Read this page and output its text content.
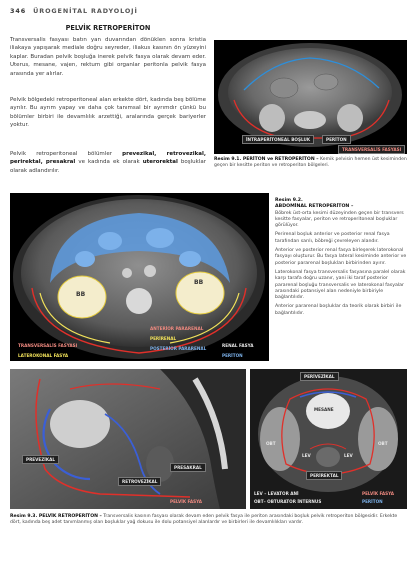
346 ÜROGENİTAL RADYOLOJİ
PELVİK RETROPERİTON

Transversalis fasyası batın yan duvarından dönüklen sonra kristia iliakaya yapışarak mediale doğru seyreder, iliakus kasının ön yüzeyini kaplar. Buradan pelvik boşluğa inerek pelvik fasya olarak devam eder. Uterus, mesane, vajen, rektum gibi organlar peritonla pelvik fasya arasında yer alırlar.

Pelvik bölgedeki retroperitoneal alan erkekte dört, kadında beş bölüme ayrılır. Bu ayrım yapay ve daha çok tanımsal bir ayrımdır çünkü bu bölümler birbiri ile devamlılık arzettiği, aralarında gerçek bariyerler yoktur.

Pelvik retroperitoneal bölümler prevezikal, retrovezikal, perirektal, presakral ve kadında ek olarak uterorektal boşluklar olarak adlandırılır.

İNTRAPERİTONEAL BOŞLUK	PERİTON
TRANSVERSALİS FASYASI

Resim 9.1. PERİTON ve RETROPERİTON – Kemik pelvisin hemen üst kesiminden geçen bir kesitte periton ve retroperiton bölgeleri.

BB
BB
ANTERİOR PARARENAL
PERİRENAL
POSTERİOR PARARENAL
RENAL FASYA
PERİTON
TRANSVERSALİS FASYASI
LATEROKONAL FASYA
Resim 9.2.
ABDOMİNAL RETROPERİTON –
Böbrek üst-orta kesimi düzeyinden geçen bir transvers kesitte fasyalar, periton ve retroperitoneal boşluklar görülüyor.
Perirenal boşluk anterior ve posterior renal fasya tarafından sarılı, böbreği çevreleyen alandır.
Anterior ve posterior renal fasya birleşerek laterokonal fasyayı oluşturur. Bu fasya lateral kesiminde anterior ve posterior pararenal boşlukları birbirinden ayırır.
Laterokonal fasya transversalis fasyasına paralel olarak karşı tarafa doğru uzanır, yani iki taraf posterior pararenal boşluğu transversalis ve laterokonal fasyalar arasındaki potansiyel alan nedeniyle birbiriyle bağlantılıdır.
Anterior pararenal boşluklar da teorik olarak birbiri ile bağlantılıdır.
PREVEZİKAL
PRESAKRAL
RETROVEZİKAL
PELVİK FASYA
PERİVEZİKAL
MESANE
OBT	OBT
LEV	LEV
PERİREKTAL
LEV – LEVATOR ANİ
OBT– OBTURATOR İNTERNUS
PELVİK FASYA
PERİTON

Resim 9.3. PELVİK RETROPERİTON – Transversalis kasının fasyası olarak devam eden pelvik fasya ile periton arasındaki boşluk pelvik retroperiton bölgesidir. Erkekte dört, kadında beş adet tanımlanmış olan boşluklar yağ dokusu ile dolu potansiyel alanlardır ve birbirleri ile devamlılıkları vardır.
